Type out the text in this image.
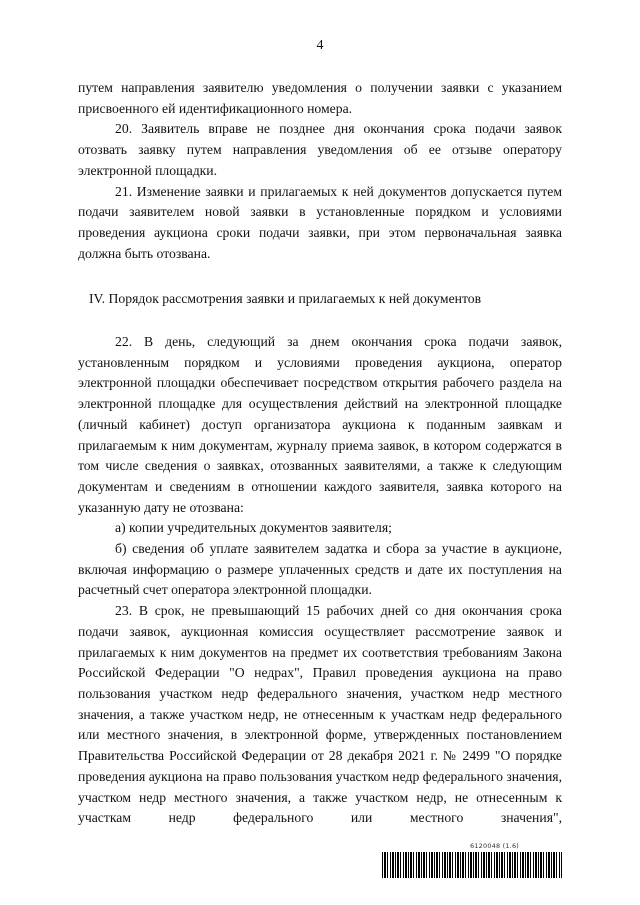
4

путем направления заявителю уведомления о получении заявки с указанием присвоенного ей идентификационного номера.

20. Заявитель вправе не позднее дня окончания срока подачи заявок отозвать заявку путем направления уведомления об ее отзыве оператору электронной площадки.

21. Изменение заявки и прилагаемых к ней документов допускается путем подачи заявителем новой заявки в установленные порядком и условиями проведения аукциона сроки подачи заявки, при этом первоначальная заявка должна быть отозвана.

IV. Порядок рассмотрения заявки и прилагаемых к ней документов

22. В день, следующий за днем окончания срока подачи заявок, установленным порядком и условиями проведения аукциона, оператор электронной площадки обеспечивает посредством открытия рабочего раздела на электронной площадке для осуществления действий на электронной площадке (личный кабинет) доступ организатора аукциона к поданным заявкам и прилагаемым к ним документам, журналу приема заявок, в котором содержатся в том числе сведения о заявках, отозванных заявителями, а также к следующим документам и сведениям в отношении каждого заявителя, заявка которого на указанную дату не отозвана:

а) копии учредительных документов заявителя;

б) сведения об уплате заявителем задатка и сбора за участие в аукционе, включая информацию о размере уплаченных средств и дате их поступления на расчетный счет оператора электронной площадки.

23. В срок, не превышающий 15 рабочих дней со дня окончания срока подачи заявок, аукционная комиссия осуществляет рассмотрение заявок и прилагаемых к ним документов на предмет их соответствия требованиям Закона Российской Федерации "О недрах", Правил проведения аукциона на право пользования участком недр федерального значения, участком недр местного значения, а также участком недр, не отнесенным к участкам недр федерального или местного значения, в электронной форме, утвержденных постановлением Правительства Российской Федерации от 28 декабря 2021 г. № 2499 "О порядке проведения аукциона на право пользования участком недр федерального значения, участком недр местного значения, а также участком недр, не отнесенным к участкам недр федерального или местного значения",

6120048 (1.6)
